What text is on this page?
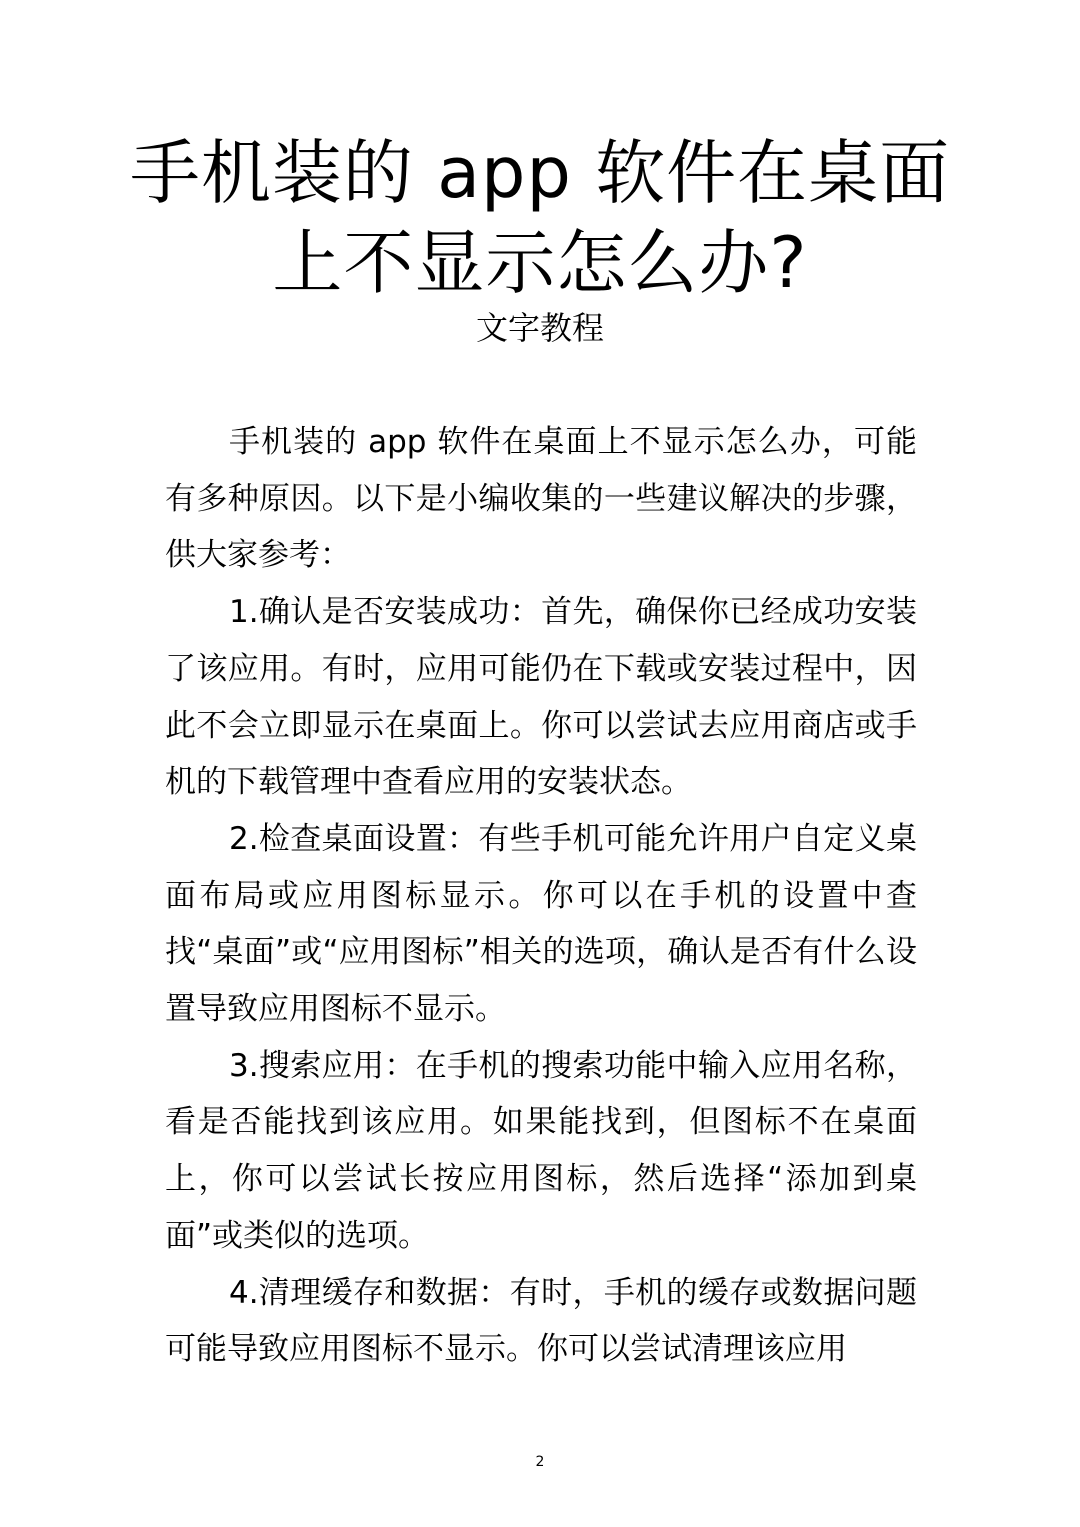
手机装的 app 软件在桌面
上不显示怎么办?
文字教程

手机装的 app 软件在桌面上不显示怎么办，可能有多种原因。以下是小编收集的一些建议解决的步骤，供大家参考：

1.确认是否安装成功：首先，确保你已经成功安装了该应用。有时，应用可能仍在下载或安装过程中，因此不会立即显示在桌面上。你可以尝试去应用商店或手机的下载管理中查看应用的安装状态。

2.检查桌面设置：有些手机可能允许用户自定义桌面布局或应用图标显示。你可以在手机的设置中查找“桌面”或“应用图标”相关的选项，确认是否有什么设置导致应用图标不显示。

3.搜索应用：在手机的搜索功能中输入应用名称，看是否能找到该应用。如果能找到，但图标不在桌面上，你可以尝试长按应用图标，然后选择“添加到桌面”或类似的选项。

4.清理缓存和数据：有时，手机的缓存或数据问题可能导致应用图标不显示。你可以尝试清理该应用

2
